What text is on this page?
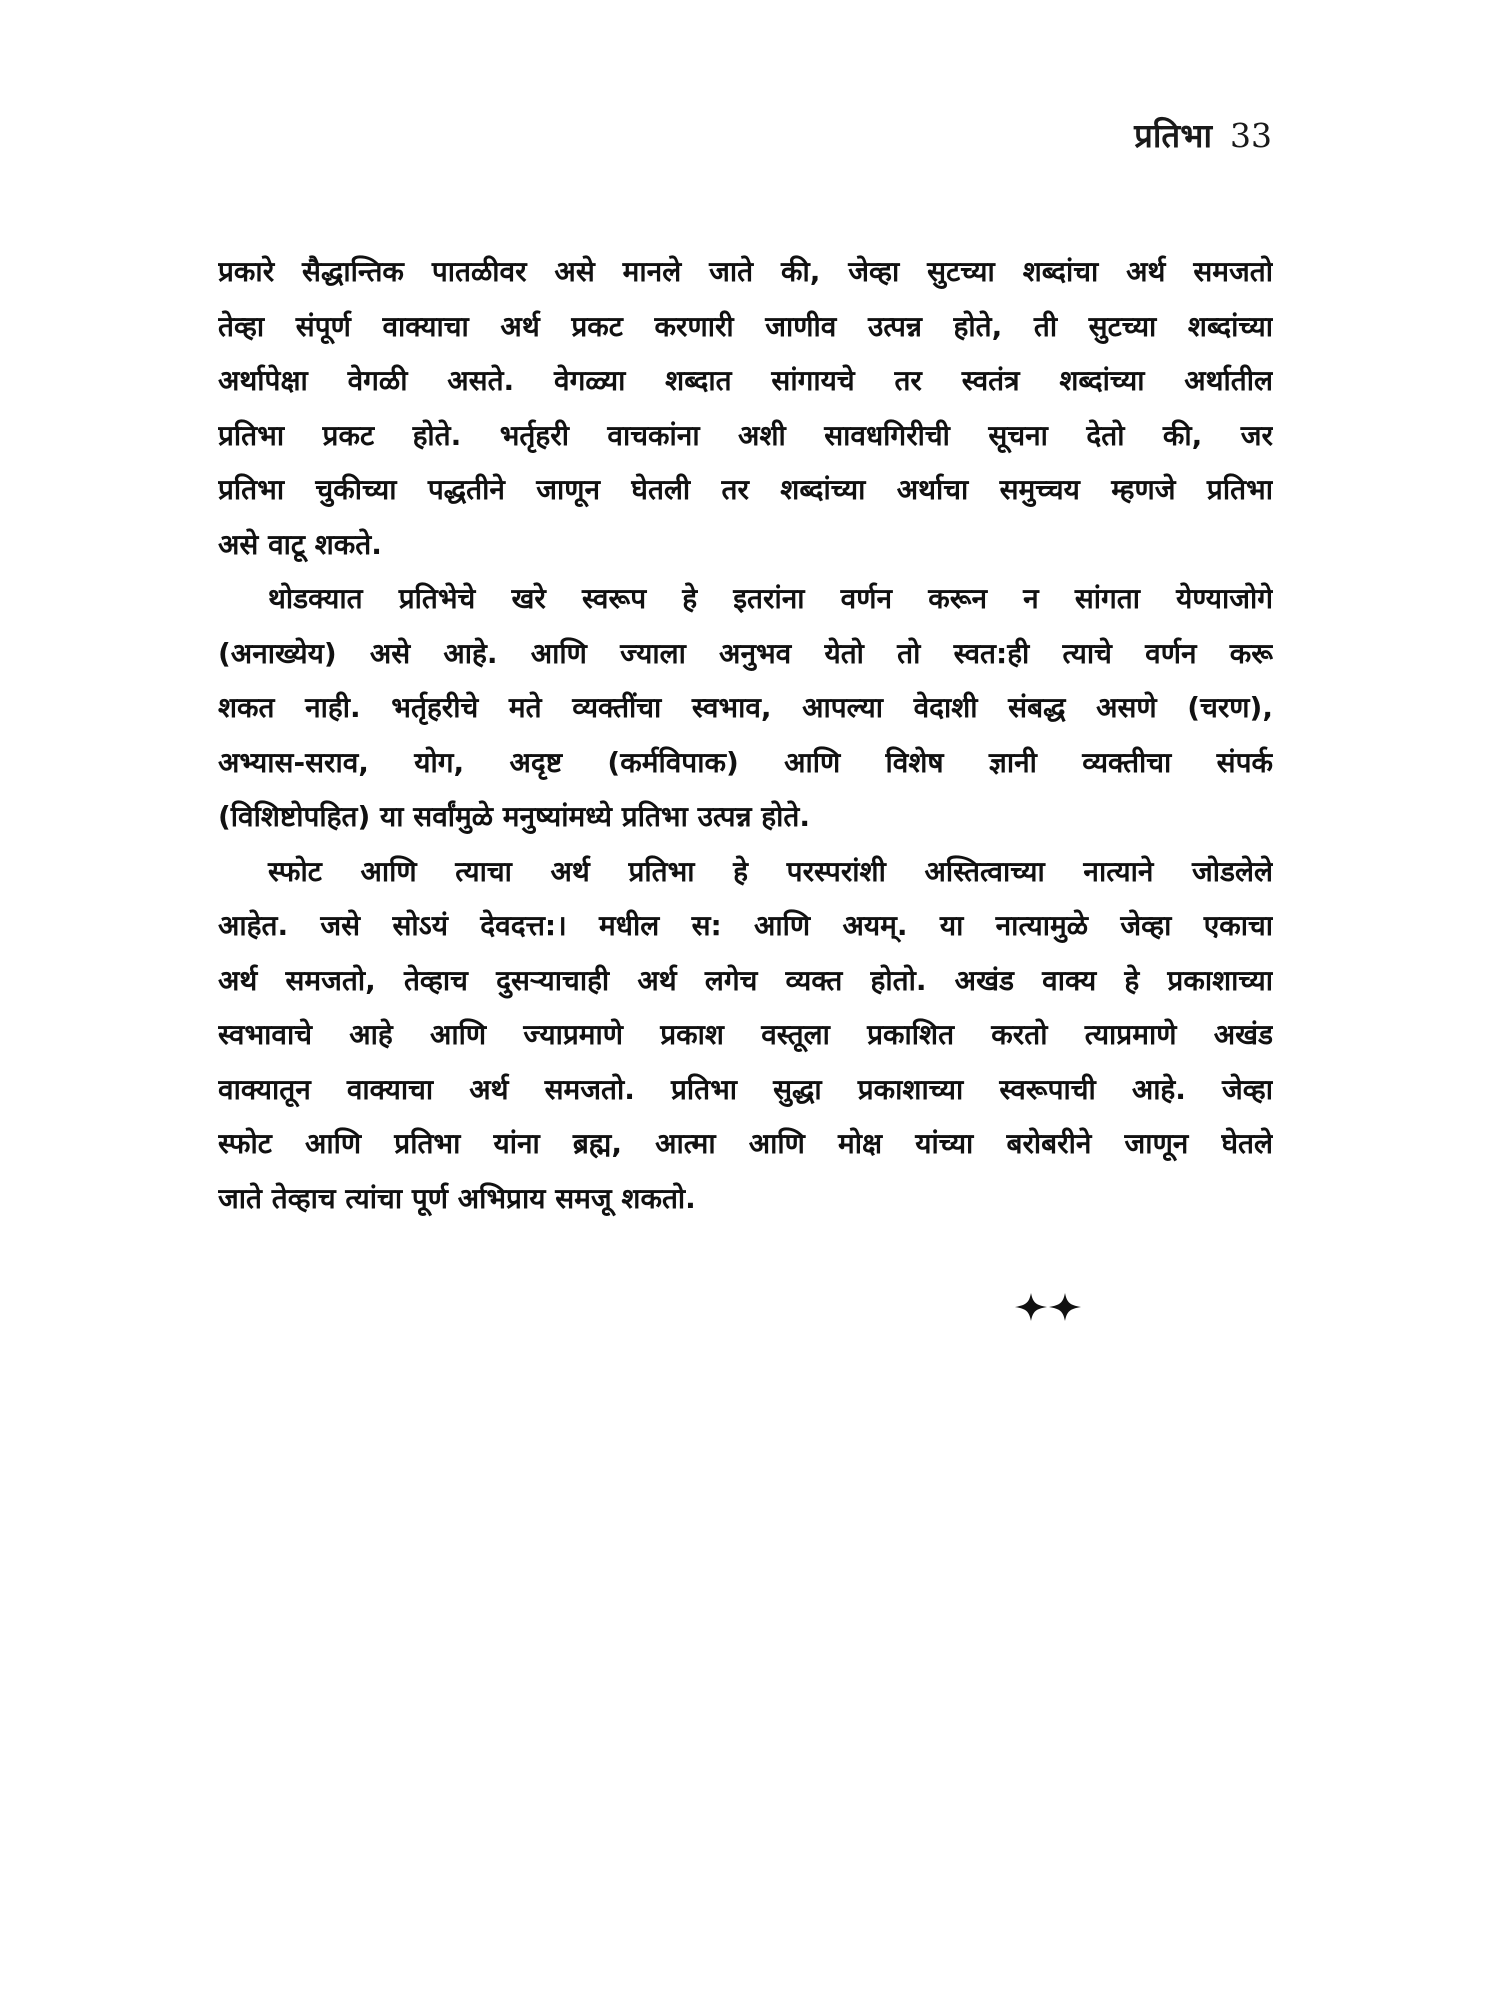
प्रतिभा 33
प्रकारे सैद्धान्तिक पातळीवर असे मानले जाते की, जेव्हा सुटच्या शब्दांचा अर्थ समजतो
तेव्हा संपूर्ण वाक्याचा अर्थ प्रकट करणारी जाणीव उत्पन्न होते, ती सुटच्या शब्दांच्या
अर्थापेक्षा वेगळी असते. वेगळ्या शब्दात सांगायचे तर स्वतंत्र शब्दांच्या अर्थातील
प्रतिभा प्रकट होते. भर्तृहरी वाचकांना अशी सावधगिरीची सूचना देतो की, जर
प्रतिभा चुकीच्या पद्धतीने जाणून घेतली तर शब्दांच्या अर्थाचा समुच्चय म्हणजे प्रतिभा
असे वाटू शकते.
थोडक्यात प्रतिभेचे खरे स्वरूप हे इतरांना वर्णन करून न सांगता येण्याजोगे
(अनाख्येय) असे आहे. आणि ज्याला अनुभव येतो तो स्वत:ही त्याचे वर्णन करू
शकत नाही. भर्तृहरीचे मते व्यक्तींचा स्वभाव, आपल्या वेदाशी संबद्ध असणे (चरण),
अभ्यास-सराव, योग, अदृष्ट (कर्मविपाक) आणि विशेष ज्ञानी व्यक्तीचा संपर्क
(विशिष्टोपहित) या सर्वांमुळे मनुष्यांमध्ये प्रतिभा उत्पन्न होते.
स्फोट आणि त्याचा अर्थ प्रतिभा हे परस्परांशी अस्तित्वाच्या नात्याने जोडलेले
आहेत. जसे सोऽयं देवदत्त:। मधील स: आणि अयम्. या नात्यामुळे जेव्हा एकाचा
अर्थ समजतो, तेव्हाच दुसऱ्याचाही अर्थ लगेच व्यक्त होतो. अखंड वाक्य हे प्रकाशाच्या
स्वभावाचे आहे आणि ज्याप्रमाणे प्रकाश वस्तूला प्रकाशित करतो त्याप्रमाणे अखंड
वाक्यातून वाक्याचा अर्थ समजतो. प्रतिभा सुद्धा प्रकाशाच्या स्वरूपाची आहे. जेव्हा
स्फोट आणि प्रतिभा यांना ब्रह्म, आत्मा आणि मोक्ष यांच्या बरोबरीने जाणून घेतले
जाते तेव्हाच त्यांचा पूर्ण अभिप्राय समजू शकतो.
